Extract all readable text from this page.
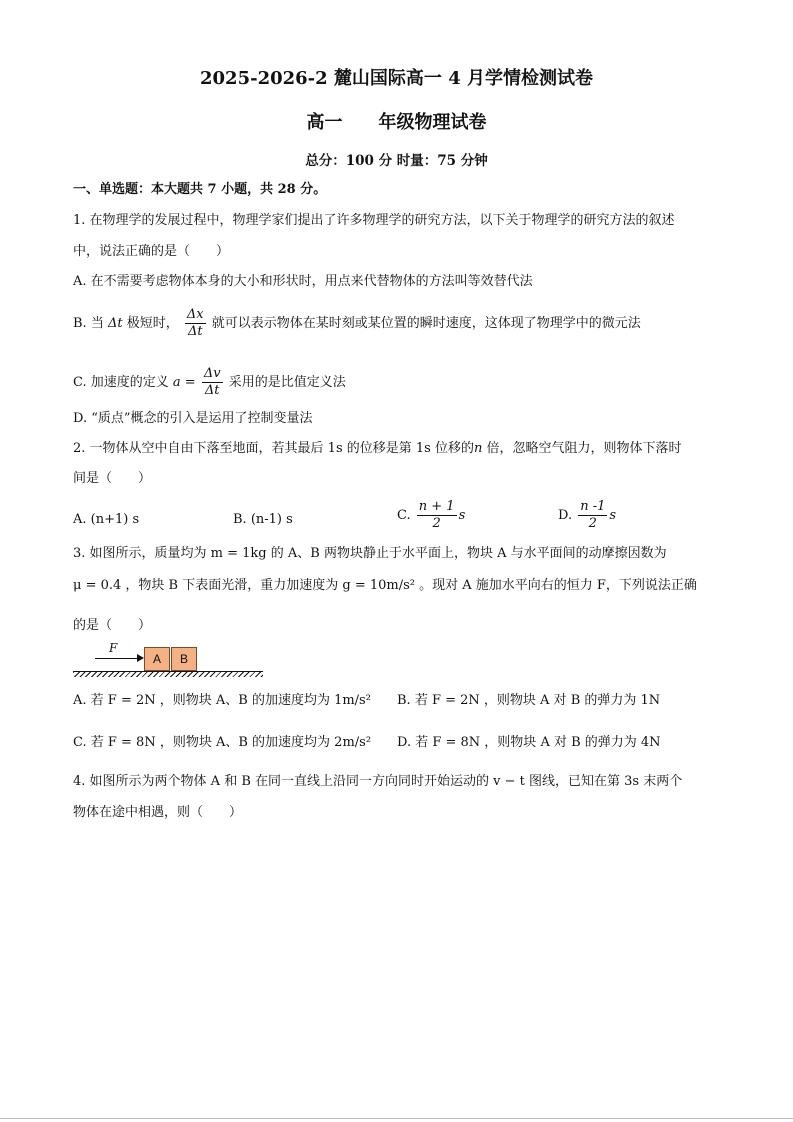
2025-2026-2 麓山国际高一 4 月学情检测试卷
高一　　年级物理试卷
总分：100 分 时量：75 分钟
一、单选题：本大题共 7 小题，共 28 分。
1. 在物理学的发展过程中，物理学家们提出了许多物理学的研究方法，以下关于物理学的研究方法的叙述
中，说法正确的是（　　）
A. 在不需要考虑物体本身的大小和形状时，用点来代替物体的方法叫等效替代法
B. 当 Δt 极短时， $\frac{\Delta x}{\Delta t}$ 就可以表示物体在某时刻或某位置的瞬时速度，这体现了物理学中的微元法
C. 加速度的定义 $a = \frac{\Delta v}{\Delta t}$ 采用的是比值定义法
D. “质点”概念的引入是运用了控制变量法
2. 一物体从空中自由下落至地面，若其最后 1s 的位移是第 1s 位移的n 倍，忽略空气阻力，则物体下落时
间是（　　）
A. (n+1) s	B. (n-1) s	C. $\frac{n + 1}{2}$ s	D. $\frac{n -1}{2}$ s
3. 如图所示，质量均为 m = 1kg 的 A、B 两物块静止于水平面上，物块 A 与水平面间的动摩擦因数为
μ = 0.4 ，物块 B 下表面光滑，重力加速度为 g = 10m/s² 。现对 A 施加水平向右的恒力 F，下列说法正确
的是（　　）
F
A	B
A. 若 F = 2N ，则物块 A、B 的加速度均为 1m/s² B. 若 F = 2N ，则物块 A 对 B 的弹力为 1N
C. 若 F = 8N ，则物块 A、B 的加速度均为 2m/s² D. 若 F = 8N ，则物块 A 对 B 的弹力为 4N
4. 如图所示为两个物体 A 和 B 在同一直线上沿同一方向同时开始运动的 v − t 图线，已知在第 3s 末两个
物体在途中相遇，则（　　）
